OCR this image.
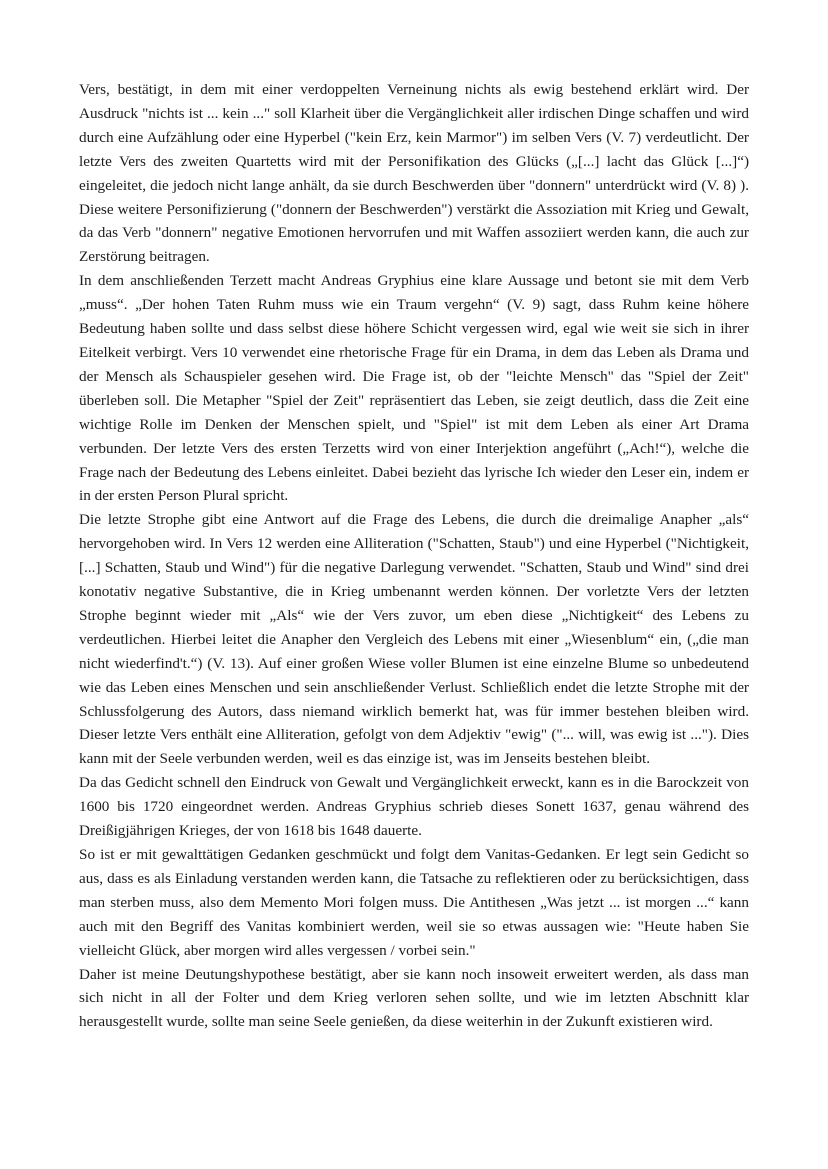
Vers, bestätigt, in dem mit einer verdoppelten Verneinung nichts als ewig bestehend erklärt wird. Der Ausdruck "nichts ist ... kein ..." soll Klarheit über die Vergänglichkeit aller irdischen Dinge schaffen und wird durch eine Aufzählung oder eine Hyperbel ("kein Erz, kein Marmor") im selben Vers (V. 7) verdeutlicht. Der letzte Vers des zweiten Quartetts wird mit der Personifikation des Glücks („[...] lacht das Glück [...]“) eingeleitet, die jedoch nicht lange anhält, da sie durch Beschwerden über "donnern" unterdrückt wird (V. 8) ). Diese weitere Personifizierung ("donnern der Beschwerden") verstärkt die Assoziation mit Krieg und Gewalt, da das Verb "donnern" negative Emotionen hervorrufen und mit Waffen assoziiert werden kann, die auch zur Zerstörung beitragen.

In dem anschließenden Terzett macht Andreas Gryphius eine klare Aussage und betont sie mit dem Verb „muss“. „Der hohen Taten Ruhm muss wie ein Traum vergehn“ (V. 9) sagt, dass Ruhm keine höhere Bedeutung haben sollte und dass selbst diese höhere Schicht vergessen wird, egal wie weit sie sich in ihrer Eitelkeit verbirgt. Vers 10 verwendet eine rhetorische Frage für ein Drama, in dem das Leben als Drama und der Mensch als Schauspieler gesehen wird. Die Frage ist, ob der "leichte Mensch" das "Spiel der Zeit" überleben soll. Die Metapher "Spiel der Zeit" repräsentiert das Leben, sie zeigt deutlich, dass die Zeit eine wichtige Rolle im Denken der Menschen spielt, und "Spiel" ist mit dem Leben als einer Art Drama verbunden. Der letzte Vers des ersten Terzetts wird von einer Interjektion angeführt („Ach!“), welche die Frage nach der Bedeutung des Lebens einleitet. Dabei bezieht das lyrische Ich wieder den Leser ein, indem er in der ersten Person Plural spricht.

Die letzte Strophe gibt eine Antwort auf die Frage des Lebens, die durch die dreimalige Anapher „als“ hervorgehoben wird. In Vers 12 werden eine Alliteration ("Schatten, Staub") und eine Hyperbel ("Nichtigkeit, [...] Schatten, Staub und Wind") für die negative Darlegung verwendet. "Schatten, Staub und Wind" sind drei konotativ negative Substantive, die in Krieg umbenannt werden können. Der vorletzte Vers der letzten Strophe beginnt wieder mit „Als“ wie der Vers zuvor, um eben diese „Nichtigkeit“ des Lebens zu verdeutlichen. Hierbei leitet die Anapher den Vergleich des Lebens mit einer „Wiesenblum“ ein, („die man nicht wiederfind't.“) (V. 13). Auf einer großen Wiese voller Blumen ist eine einzelne Blume so unbedeutend wie das Leben eines Menschen und sein anschließender Verlust. Schließlich endet die letzte Strophe mit der Schlussfolgerung des Autors, dass niemand wirklich bemerkt hat, was für immer bestehen bleiben wird. Dieser letzte Vers enthält eine Alliteration, gefolgt von dem Adjektiv "ewig" ("... will, was ewig ist ..."). Dies kann mit der Seele verbunden werden, weil es das einzige ist, was im Jenseits bestehen bleibt.

Da das Gedicht schnell den Eindruck von Gewalt und Vergänglichkeit erweckt, kann es in die Barockzeit von 1600 bis 1720 eingeordnet werden. Andreas Gryphius schrieb dieses Sonett 1637, genau während des Dreißigjährigen Krieges, der von 1618 bis 1648 dauerte.

So ist er mit gewalttätigen Gedanken geschmückt und folgt dem Vanitas-Gedanken. Er legt sein Gedicht so aus, dass es als Einladung verstanden werden kann, die Tatsache zu reflektieren oder zu berücksichtigen, dass man sterben muss, also dem Memento Mori folgen muss. Die Antithesen „Was jetzt ... ist morgen ...“ kann auch mit den Begriff des Vanitas kombiniert werden, weil sie so etwas aussagen wie: "Heute haben Sie vielleicht Glück, aber morgen wird alles vergessen / vorbei sein."

Daher ist meine Deutungshypothese bestätigt, aber sie kann noch insoweit erweitert werden, als dass man sich nicht in all der Folter und dem Krieg verloren sehen sollte, und wie im letzten Abschnitt klar herausgestellt wurde, sollte man seine Seele genießen, da diese weiterhin in der Zukunft existieren wird.
